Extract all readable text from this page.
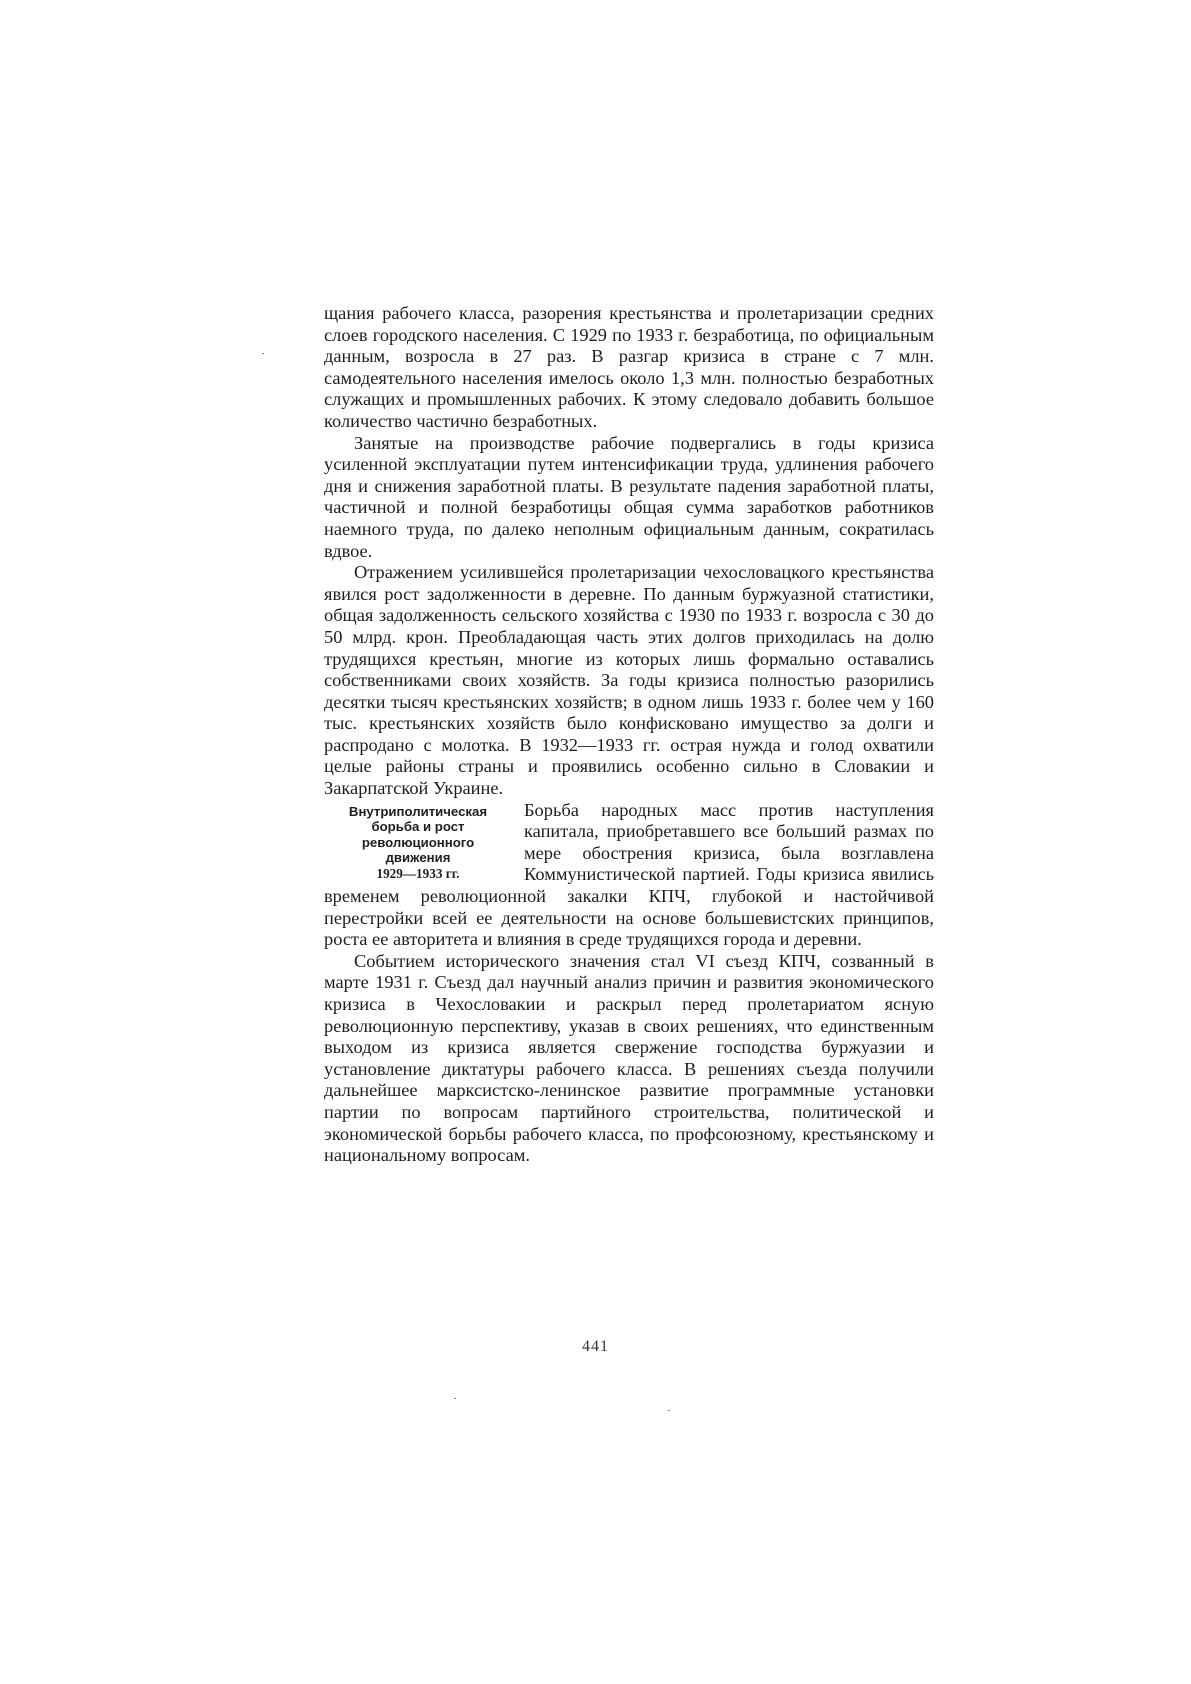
щания рабочего класса, разорения крестьянства и пролетаризации средних слоев городского населения. С 1929 по 1933 г. безработица, по официальным данным, возросла в 27 раз. В разгар кризиса в стране с 7 млн. самодеятельного населения имелось около 1,3 млн. полностью безработных служащих и промышленных рабочих. К этому следовало добавить большое количество частично безработных.

Занятые на производстве рабочие подвергались в годы кризиса усиленной эксплуатации путем интенсификации труда, удлинения рабочего дня и снижения заработной платы. В результате падения заработной платы, частичной и полной безработицы общая сумма заработков работников наемного труда, по далеко неполным официальным данным, сократилась вдвое.

Отражением усилившейся пролетаризации чехословацкого крестьянства явился рост задолженности в деревне. По данным буржуазной статистики, общая задолженность сельского хозяйства с 1930 по 1933 г. возросла с 30 до 50 млрд. крон. Преобладающая часть этих долгов приходилась на долю трудящихся крестьян, многие из которых лишь формально оставались собственниками своих хозяйств. За годы кризиса полностью разорились десятки тысяч крестьянских хозяйств; в одном лишь 1933 г. более чем у 160 тыс. крестьянских хозяйств было конфисковано имущество за долги и распродано с молотка. В 1932—1933 гг. острая нужда и голод охватили целые районы страны и проявились особенно сильно в Словакии и Закарпатской Украине.

Внутриполитическая
борьба и рост
революционного
движения
1929—1933 гг.

Борьба народных масс против наступления капитала, приобретавшего все больший размах по мере обострения кризиса, была возглавлена Коммунистической партией. Годы кризиса явились временем революционной закалки КПЧ, глубокой и настойчивой перестройки всей ее деятельности на основе большевистских принципов, роста ее авторитета и влияния в среде трудящихся города и деревни.

Событием исторического значения стал VI съезд КПЧ, созванный в марте 1931 г. Съезд дал научный анализ причин и развития экономического кризиса в Чехословакии и раскрыл перед пролетариатом ясную революционную перспективу, указав в своих решениях, что единственным выходом из кризиса является свержение господства буржуазии и установление диктатуры рабочего класса. В решениях съезда получили дальнейшее марксистско-ленинское развитие программные установки партии по вопросам партийного строительства, политической и экономической борьбы рабочего класса, по профсоюзному, крестьянскому и национальному вопросам.

441
